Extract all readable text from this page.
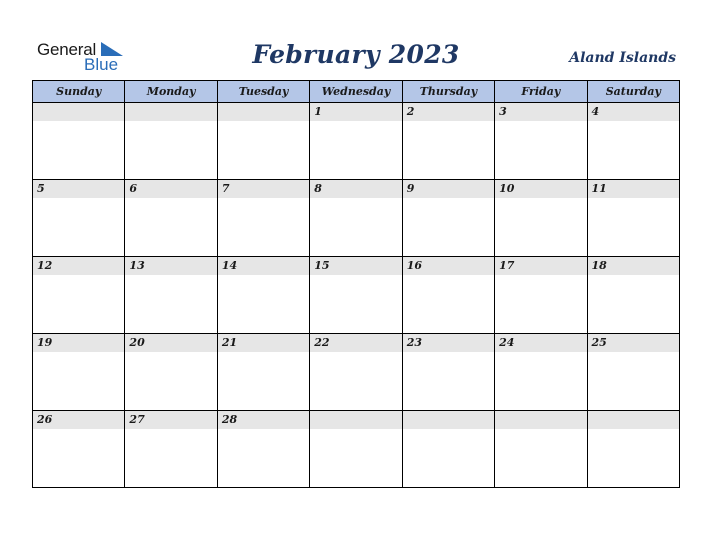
General
Blue	February 2023	Aland Islands
Sunday	Monday	Tuesday	Wednesday	Thursday	Friday	Saturday

			1	2	3	4

5	6	7	8	9	10	11

12	13	14	15	16	17	18

19	20	21	22	23	24	25

26	27	28				
